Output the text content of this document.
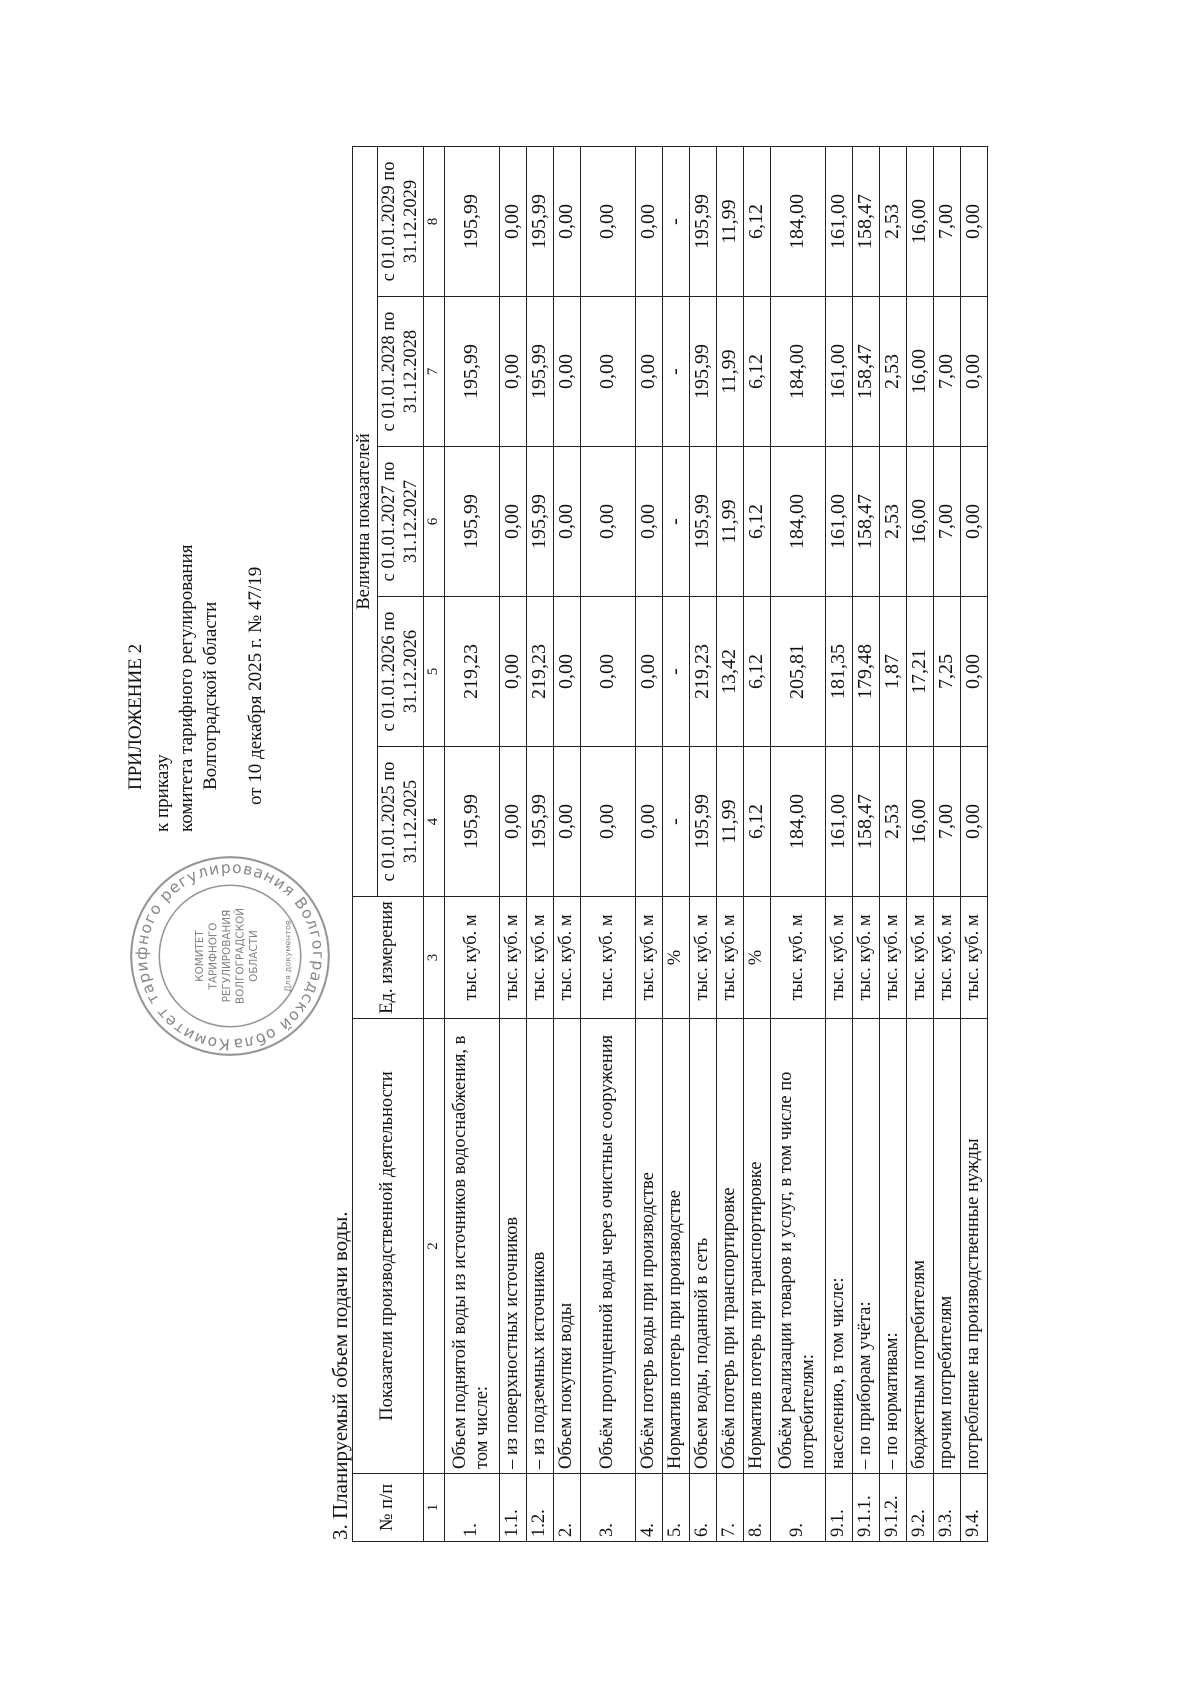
ПРИЛОЖЕНИЕ 2
к приказу комитета тарифного регулирования Волгоградской области от 10 декабря 2025 г. № 47/19
Комитет тарифного регулирования Волгоградской обла
КОМИТЕТ ТАРИФНОГО РЕГУЛИРОВАНИЯ ВОЛГОГРАДСКОЙ ОБЛАСТИ	Для документов
3. Планируемый объем подачи воды. № п/п	Показатели производственной деятельности	Ед. измерения	Величина показателей				
			с 01.01.2025 по 31.12.2025	с 01.01.2026 по 31.12.2026	с 01.01.2027 по 31.12.2027	с 01.01.2028 по 31.12.2028	с 01.01.2029 по 31.12.2029
1	2	3	4	5	6	7	8
1.	Объем поднятой воды из источников водоснабжения, в том числе:	тыс. куб. м	195,99	219,23	195,99	195,99	195,99
1.1.	– из поверхностных источников	тыс. куб. м	0,00	0,00	0,00	0,00	0,00
1.2.	– из подземных источников	тыс. куб. м	195,99	219,23	195,99	195,99	195,99
2.	Объем покупки воды	тыс. куб. м	0,00	0,00	0,00	0,00	0,00
3.	Объём пропущенной воды через очистные сооружения	тыс. куб. м	0,00	0,00	0,00	0,00	0,00
4.	Объём потерь воды при производстве	тыс. куб. м	0,00	0,00	0,00	0,00	0,00
5.	Норматив потерь при производстве	%	-	-	-	-	-
6.	Объем воды, поданной в сеть	тыс. куб. м	195,99	219,23	195,99	195,99	195,99
7.	Объём потерь при транспортировке	тыс. куб. м	11,99	13,42	11,99	11,99	11,99
8.	Норматив потерь при транспортировке	%	6,12	6,12	6,12	6,12	6,12
9.	Объём реализации товаров и услуг, в том числе по потребителям:	тыс. куб. м	184,00	205,81	184,00	184,00	184,00
9.1.	населению, в том числе:	тыс. куб. м	161,00	181,35	161,00	161,00	161,00
9.1.1.	– по приборам учёта:	тыс. куб. м	158,47	179,48	158,47	158,47	158,47
9.1.2.	– по нормативам:	тыс. куб. м	2,53	1,87	2,53	2,53	2,53
9.2.	бюджетным потребителям	тыс. куб. м	16,00	17,21	16,00	16,00	16,00
9.3.	прочим потребителям	тыс. куб. м	7,00	7,25	7,00	7,00	7,00
9.4.	потребление на производственные нужды	тыс. куб. м	0,00	0,00	0,00	0,00	0,00
